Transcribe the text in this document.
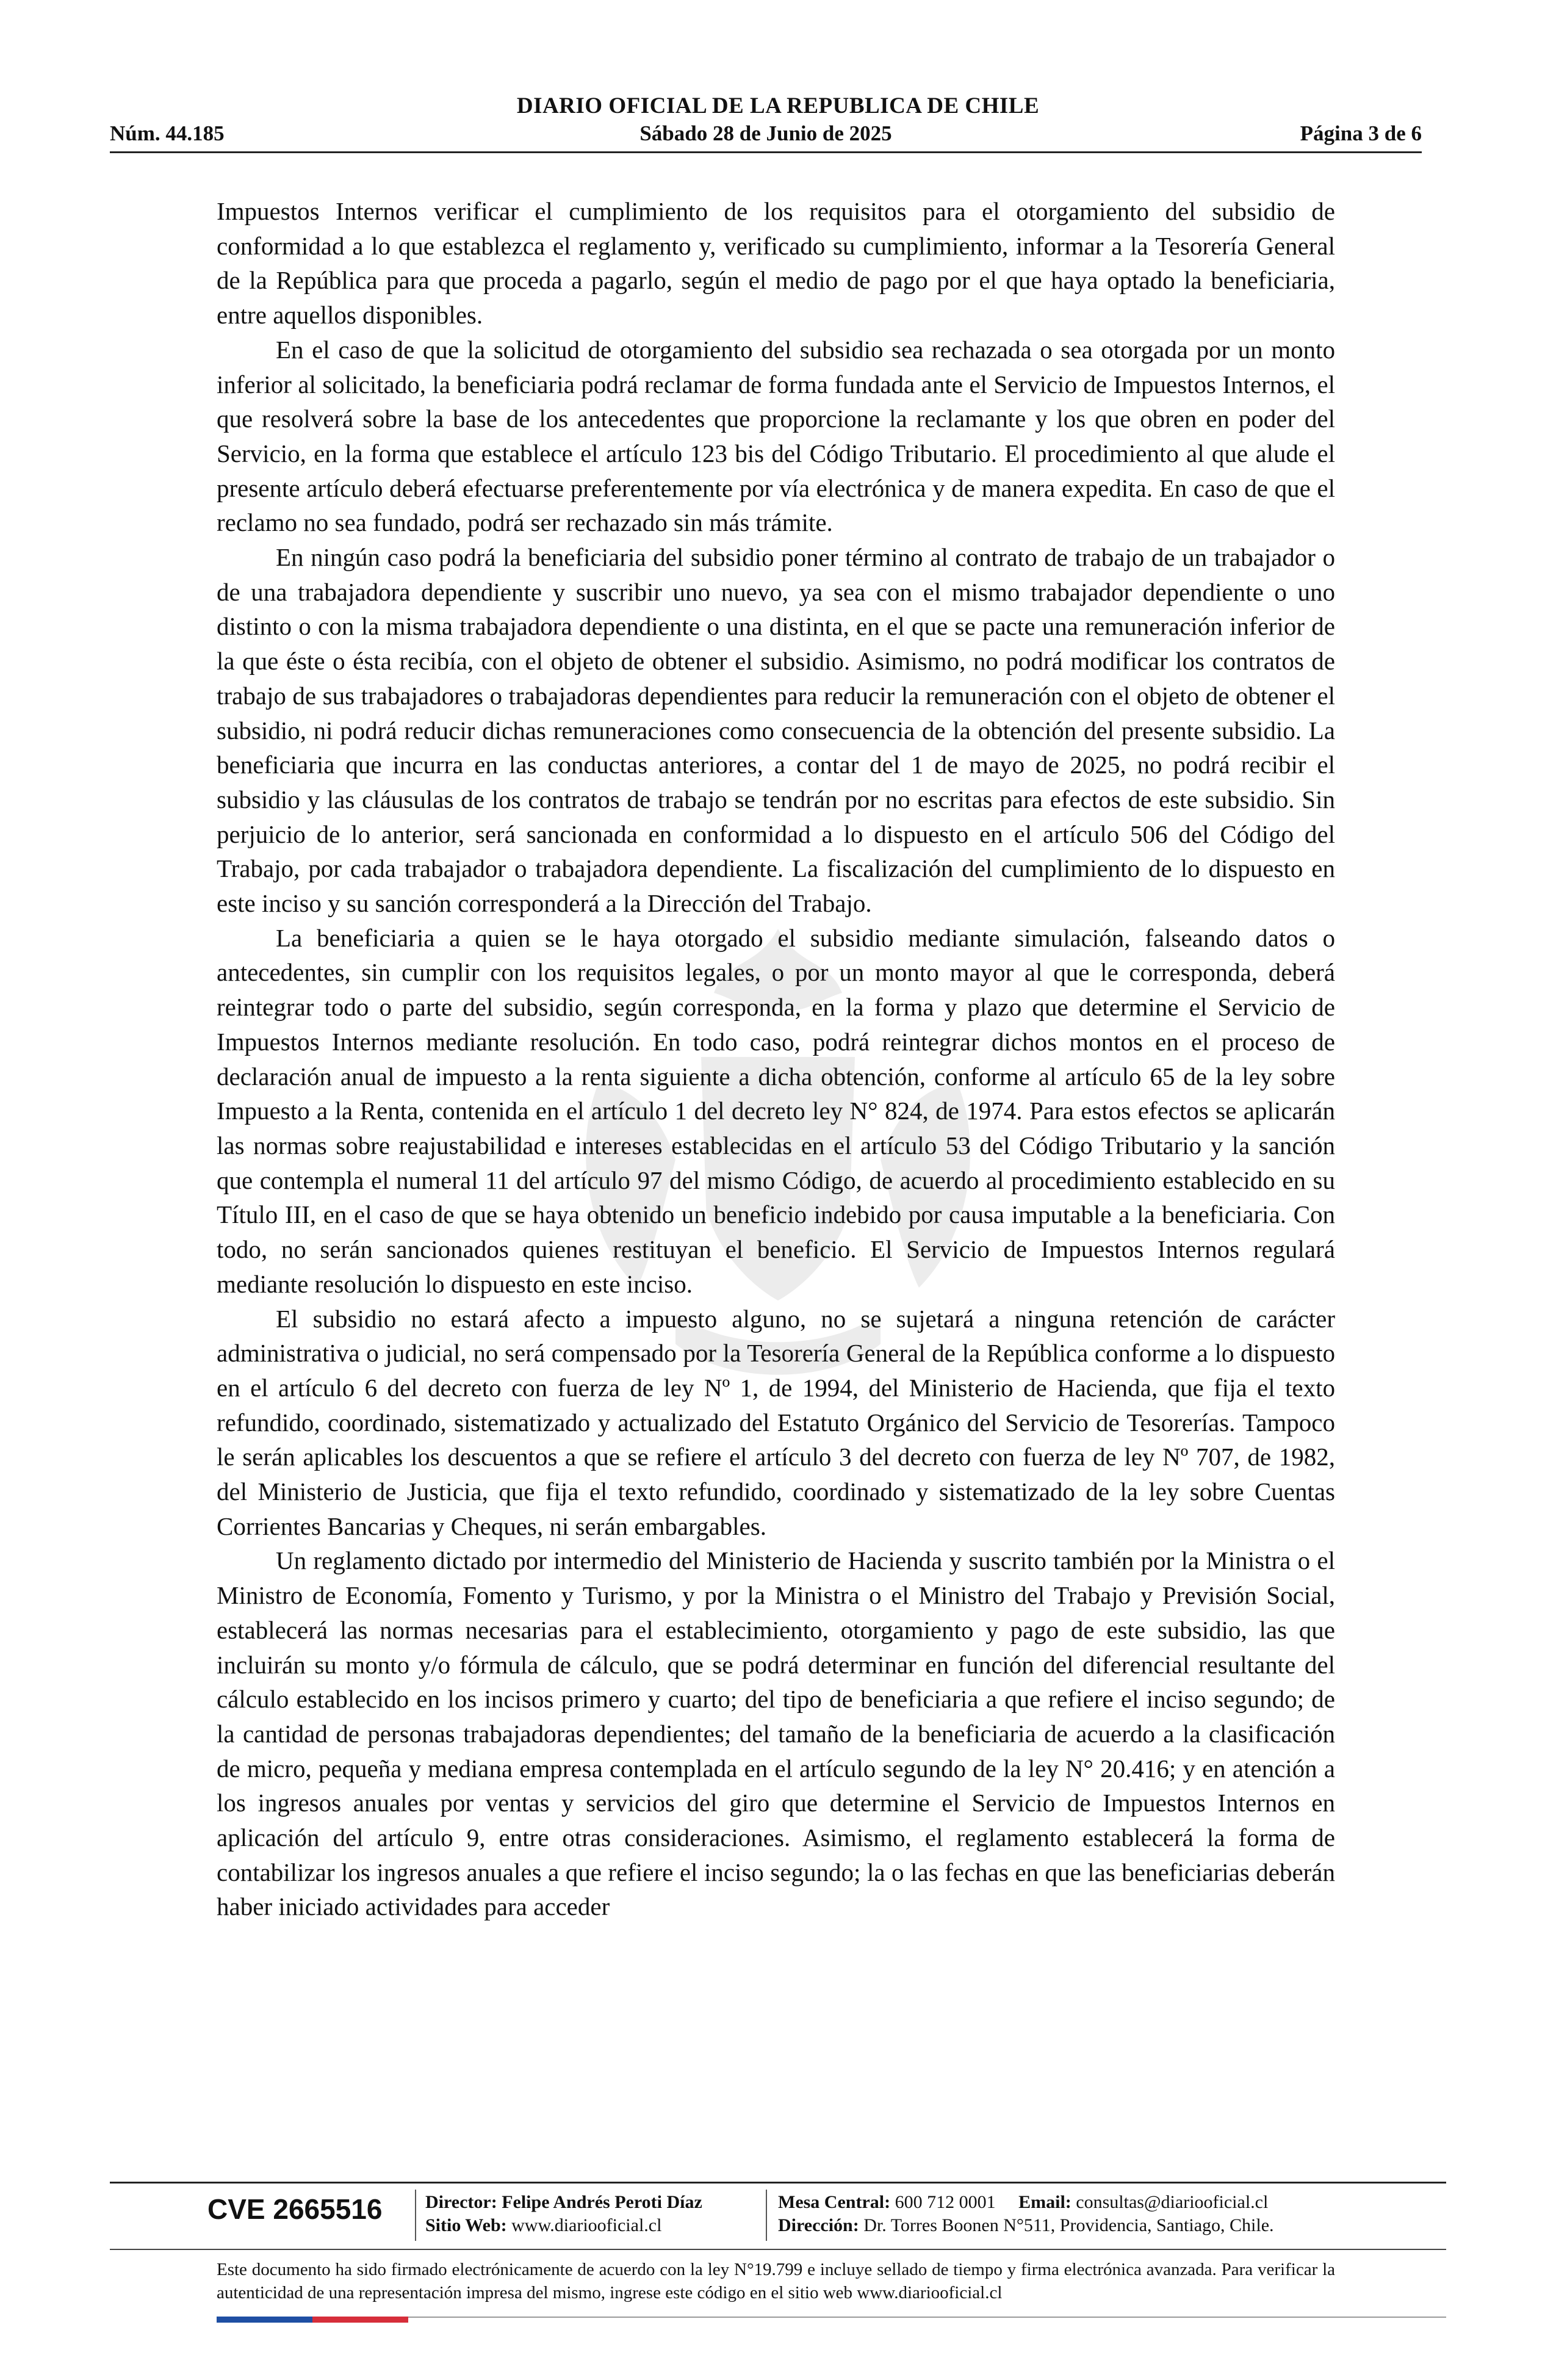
DIARIO OFICIAL DE LA REPUBLICA DE CHILE
Sábado 28 de Junio de 2025
Núm. 44.185	Página 3 de 6

Impuestos Internos verificar el cumplimiento de los requisitos para el otorgamiento del subsidio de conformidad a lo que establezca el reglamento y, verificado su cumplimiento, informar a la Tesorería General de la República para que proceda a pagarlo, según el medio de pago por el que haya optado la beneficiaria, entre aquellos disponibles.

En el caso de que la solicitud de otorgamiento del subsidio sea rechazada o sea otorgada por un monto inferior al solicitado, la beneficiaria podrá reclamar de forma fundada ante el Servicio de Impuestos Internos, el que resolverá sobre la base de los antecedentes que proporcione la reclamante y los que obren en poder del Servicio, en la forma que establece el artículo 123 bis del Código Tributario. El procedimiento al que alude el presente artículo deberá efectuarse preferentemente por vía electrónica y de manera expedita. En caso de que el reclamo no sea fundado, podrá ser rechazado sin más trámite.

En ningún caso podrá la beneficiaria del subsidio poner término al contrato de trabajo de un trabajador o de una trabajadora dependiente y suscribir uno nuevo, ya sea con el mismo trabajador dependiente o uno distinto o con la misma trabajadora dependiente o una distinta, en el que se pacte una remuneración inferior de la que éste o ésta recibía, con el objeto de obtener el subsidio. Asimismo, no podrá modificar los contratos de trabajo de sus trabajadores o trabajadoras dependientes para reducir la remuneración con el objeto de obtener el subsidio, ni podrá reducir dichas remuneraciones como consecuencia de la obtención del presente subsidio. La beneficiaria que incurra en las conductas anteriores, a contar del 1 de mayo de 2025, no podrá recibir el subsidio y las cláusulas de los contratos de trabajo se tendrán por no escritas para efectos de este subsidio. Sin perjuicio de lo anterior, será sancionada en conformidad a lo dispuesto en el artículo 506 del Código del Trabajo, por cada trabajador o trabajadora dependiente. La fiscalización del cumplimiento de lo dispuesto en este inciso y su sanción corresponderá a la Dirección del Trabajo.

La beneficiaria a quien se le haya otorgado el subsidio mediante simulación, falseando datos o antecedentes, sin cumplir con los requisitos legales, o por un monto mayor al que le corresponda, deberá reintegrar todo o parte del subsidio, según corresponda, en la forma y plazo que determine el Servicio de Impuestos Internos mediante resolución. En todo caso, podrá reintegrar dichos montos en el proceso de declaración anual de impuesto a la renta siguiente a dicha obtención, conforme al artículo 65 de la ley sobre Impuesto a la Renta, contenida en el artículo 1 del decreto ley N° 824, de 1974. Para estos efectos se aplicarán las normas sobre reajustabilidad e intereses establecidas en el artículo 53 del Código Tributario y la sanción que contempla el numeral 11 del artículo 97 del mismo Código, de acuerdo al procedimiento establecido en su Título III, en el caso de que se haya obtenido un beneficio indebido por causa imputable a la beneficiaria. Con todo, no serán sancionados quienes restituyan el beneficio. El Servicio de Impuestos Internos regulará mediante resolución lo dispuesto en este inciso.

El subsidio no estará afecto a impuesto alguno, no se sujetará a ninguna retención de carácter administrativa o judicial, no será compensado por la Tesorería General de la República conforme a lo dispuesto en el artículo 6 del decreto con fuerza de ley Nº 1, de 1994, del Ministerio de Hacienda, que fija el texto refundido, coordinado, sistematizado y actualizado del Estatuto Orgánico del Servicio de Tesorerías. Tampoco le serán aplicables los descuentos a que se refiere el artículo 3 del decreto con fuerza de ley Nº 707, de 1982, del Ministerio de Justicia, que fija el texto refundido, coordinado y sistematizado de la ley sobre Cuentas Corrientes Bancarias y Cheques, ni serán embargables.

Un reglamento dictado por intermedio del Ministerio de Hacienda y suscrito también por la Ministra o el Ministro de Economía, Fomento y Turismo, y por la Ministra o el Ministro del Trabajo y Previsión Social, establecerá las normas necesarias para el establecimiento, otorgamiento y pago de este subsidio, las que incluirán su monto y/o fórmula de cálculo, que se podrá determinar en función del diferencial resultante del cálculo establecido en los incisos primero y cuarto; del tipo de beneficiaria a que refiere el inciso segundo; de la cantidad de personas trabajadoras dependientes; del tamaño de la beneficiaria de acuerdo a la clasificación de micro, pequeña y mediana empresa contemplada en el artículo segundo de la ley N° 20.416; y en atención a los ingresos anuales por ventas y servicios del giro que determine el Servicio de Impuestos Internos en aplicación del artículo 9, entre otras consideraciones. Asimismo, el reglamento establecerá la forma de contabilizar los ingresos anuales a que refiere el inciso segundo; la o las fechas en que las beneficiarias deberán haber iniciado actividades para acceder

CVE 2665516 Director: Felipe Andrés Peroti Díaz
Sitio Web: www.diariooficial.cl
Mesa Central: 600 712 0001 Email: consultas@diariooficial.cl
Dirección: Dr. Torres Boonen N°511, Providencia, Santiago, Chile.
Este documento ha sido firmado electrónicamente de acuerdo con la ley N°19.799 e incluye sellado de tiempo y firma electrónica avanzada. Para verificar la autenticidad de una representación impresa del mismo, ingrese este código en el sitio web www.diariooficial.cl
